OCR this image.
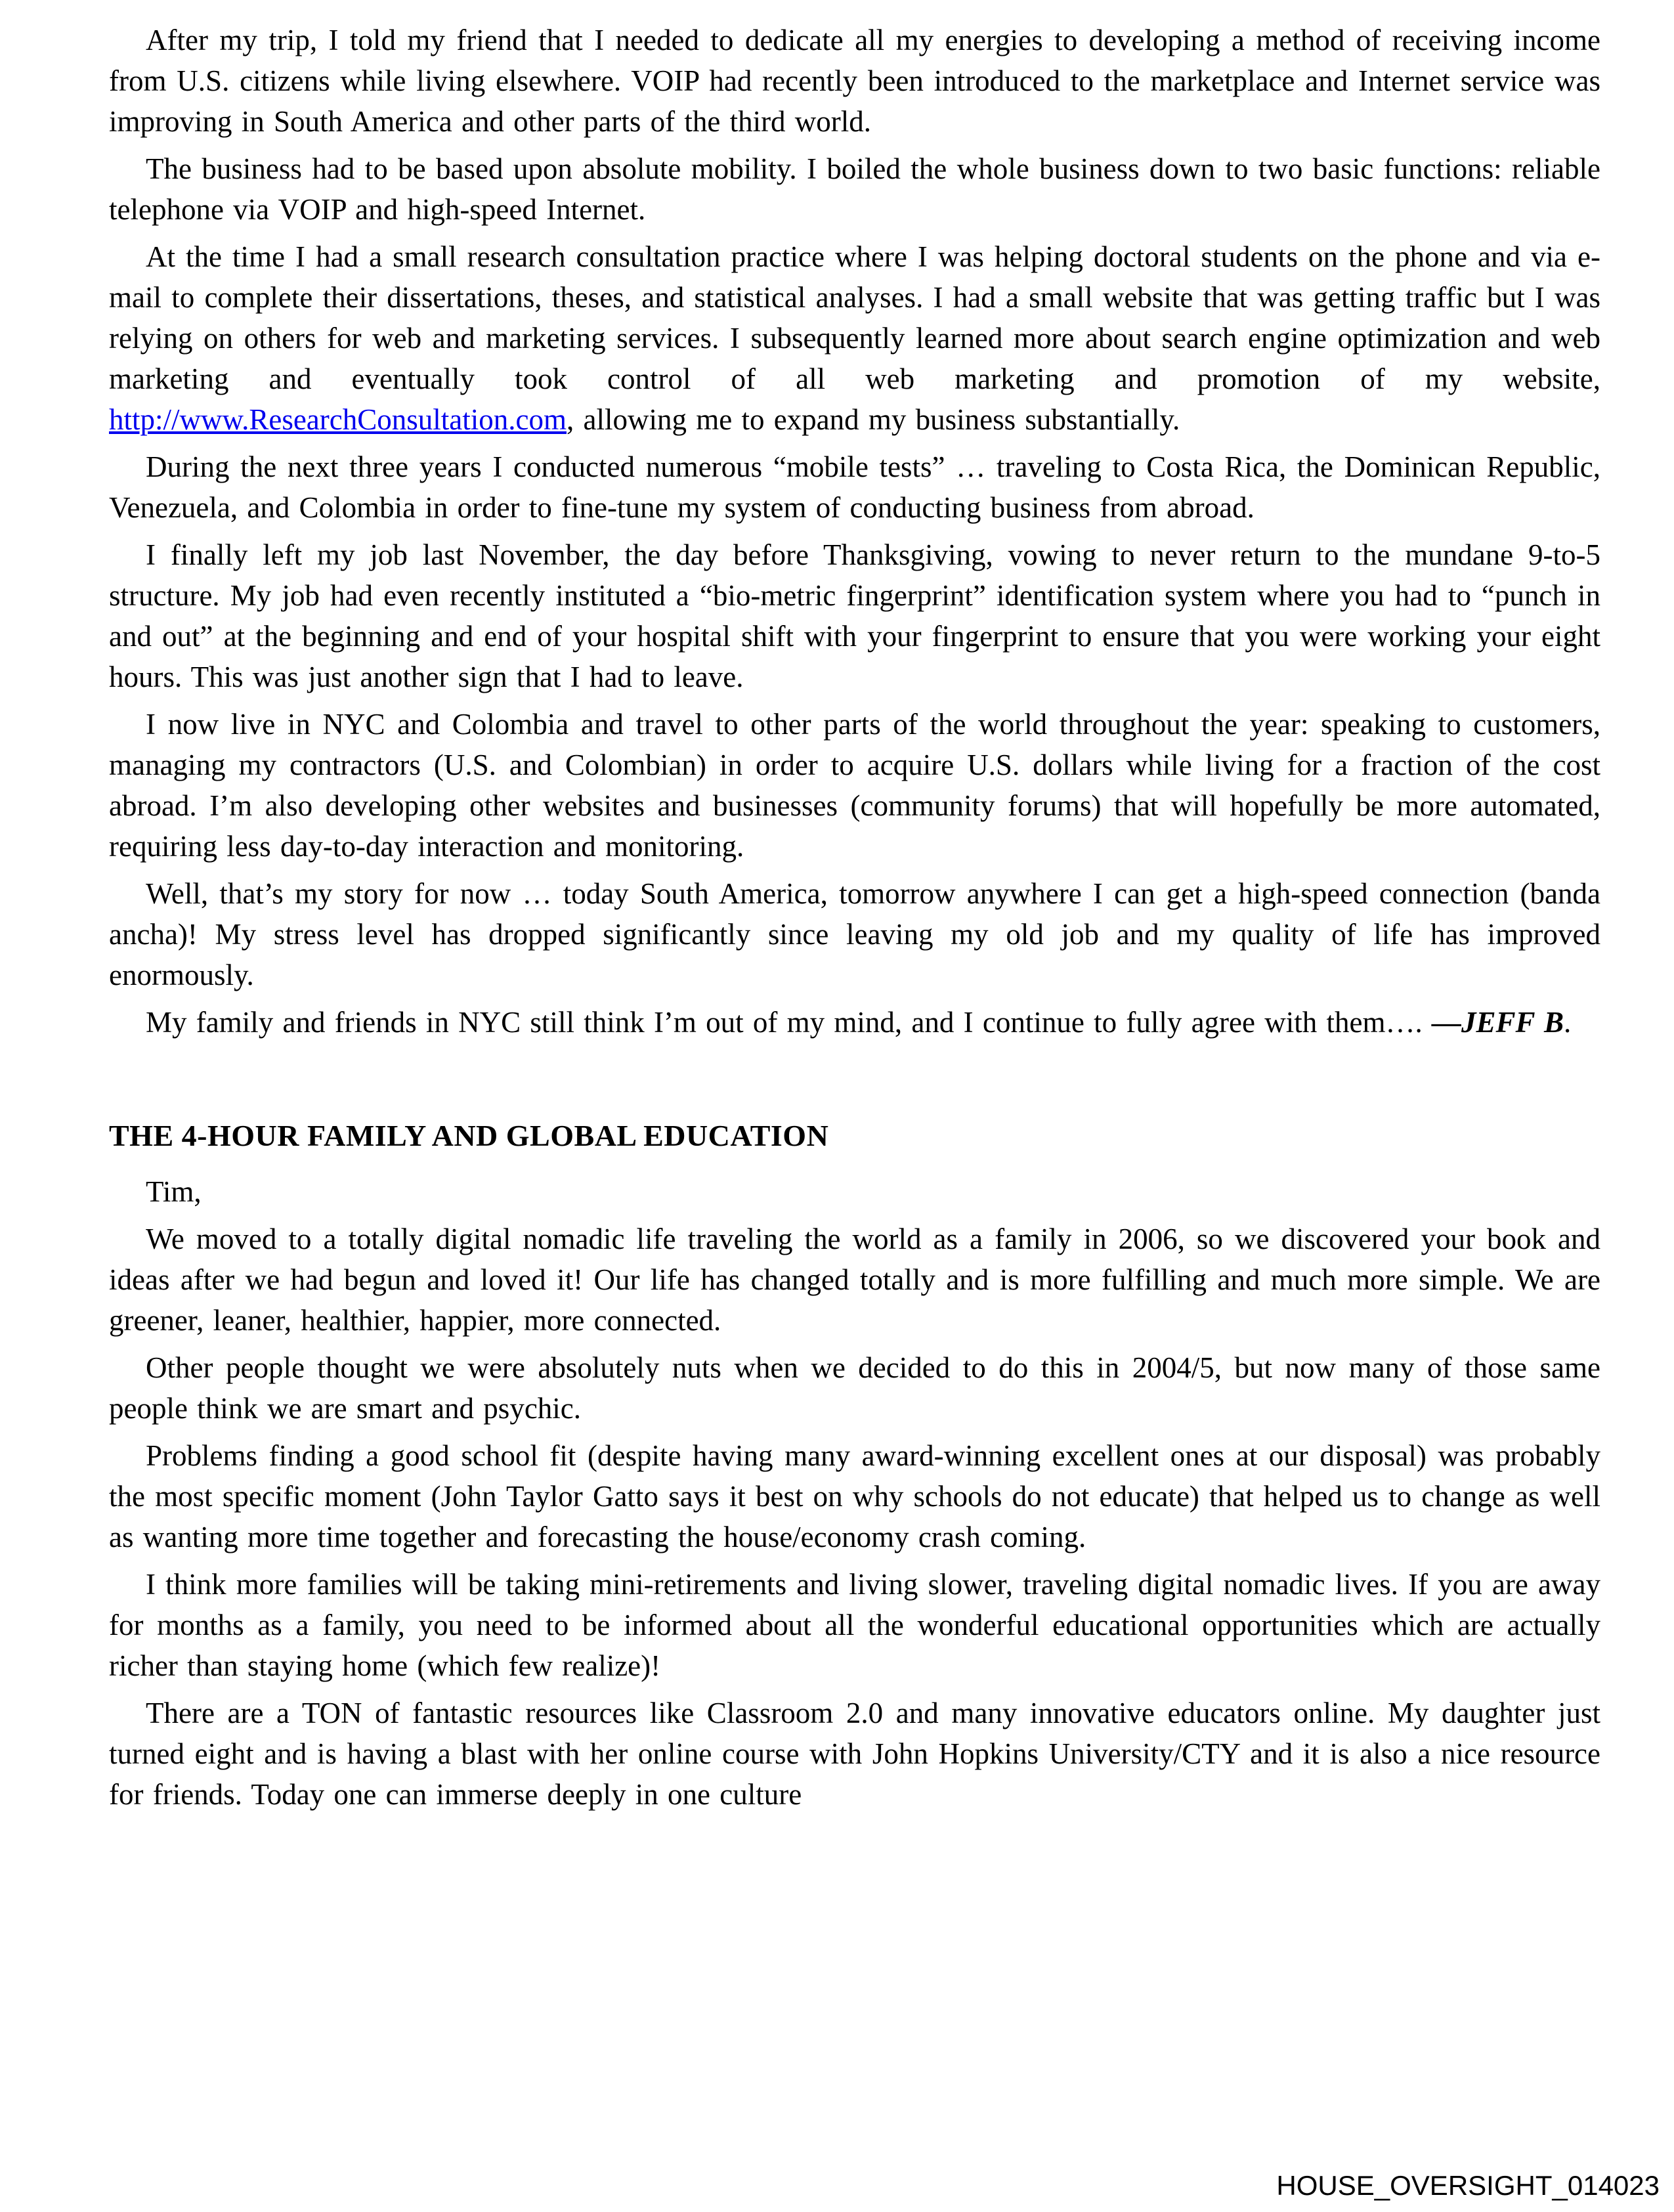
After my trip, I told my friend that I needed to dedicate all my energies to developing a method of receiving income from U.S. citizens while living elsewhere. VOIP had recently been introduced to the marketplace and Internet service was improving in South America and other parts of the third world.

The business had to be based upon absolute mobility. I boiled the whole business down to two basic functions: reliable telephone via VOIP and high-speed Internet.

At the time I had a small research consultation practice where I was helping doctoral students on the phone and via e-mail to complete their dissertations, theses, and statistical analyses. I had a small website that was getting traffic but I was relying on others for web and marketing services. I subsequently learned more about search engine optimization and web marketing and eventually took control of all web marketing and promotion of my website, http://www.ResearchConsultation.com, allowing me to expand my business substantially.

During the next three years I conducted numerous “mobile tests” … traveling to Costa Rica, the Dominican Republic, Venezuela, and Colombia in order to fine-tune my system of conducting business from abroad.

I finally left my job last November, the day before Thanksgiving, vowing to never return to the mundane 9-to-5 structure. My job had even recently instituted a “bio-metric fingerprint” identification system where you had to “punch in and out” at the beginning and end of your hospital shift with your fingerprint to ensure that you were working your eight hours. This was just another sign that I had to leave.

I now live in NYC and Colombia and travel to other parts of the world throughout the year: speaking to customers, managing my contractors (U.S. and Colombian) in order to acquire U.S. dollars while living for a fraction of the cost abroad. I’m also developing other websites and businesses (community forums) that will hopefully be more automated, requiring less day-to-day interaction and monitoring.

Well, that’s my story for now … today South America, tomorrow anywhere I can get a high-speed connection (banda ancha)! My stress level has dropped significantly since leaving my old job and my quality of life has improved enormously.

My family and friends in NYC still think I’m out of my mind, and I continue to fully agree with them…. —JEFF B.

THE 4-HOUR FAMILY AND GLOBAL EDUCATION

Tim,

We moved to a totally digital nomadic life traveling the world as a family in 2006, so we discovered your book and ideas after we had begun and loved it! Our life has changed totally and is more fulfilling and much more simple. We are greener, leaner, healthier, happier, more connected.

Other people thought we were absolutely nuts when we decided to do this in 2004/5, but now many of those same people think we are smart and psychic.

Problems finding a good school fit (despite having many award-winning excellent ones at our disposal) was probably the most specific moment (John Taylor Gatto says it best on why schools do not educate) that helped us to change as well as wanting more time together and forecasting the house/economy crash coming.

I think more families will be taking mini-retirements and living slower, traveling digital nomadic lives. If you are away for months as a family, you need to be informed about all the wonderful educational opportunities which are actually richer than staying home (which few realize)!

There are a TON of fantastic resources like Classroom 2.0 and many innovative educators online. My daughter just turned eight and is having a blast with her online course with John Hopkins University/CTY and it is also a nice resource for friends. Today one can immerse deeply in one culture

HOUSE_OVERSIGHT_014023
